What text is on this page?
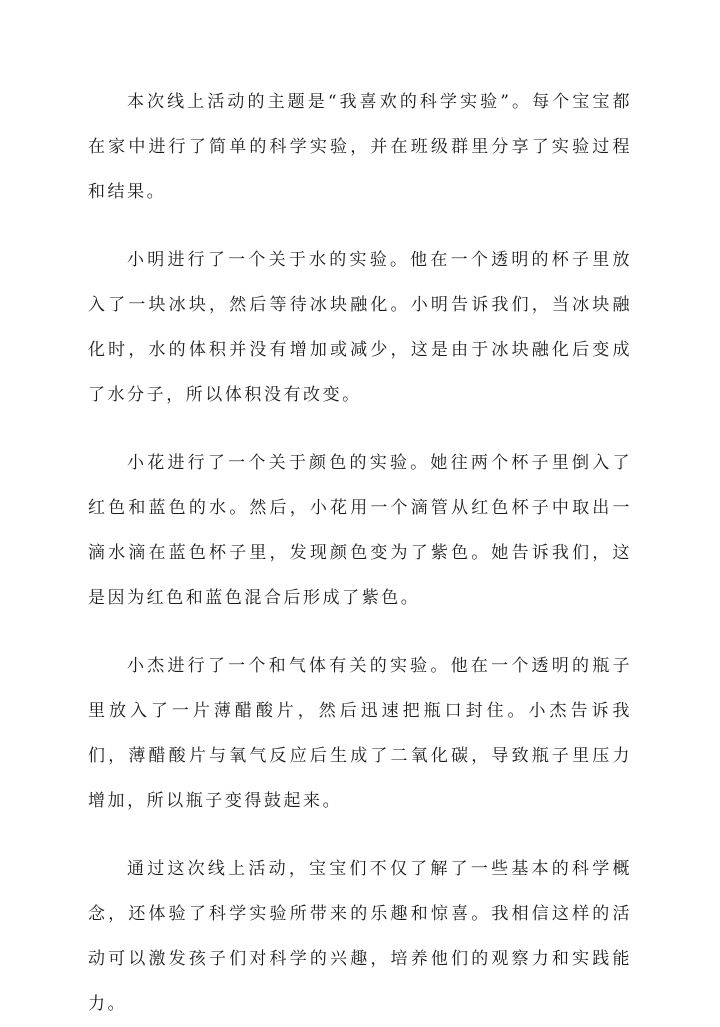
本次线上活动的主题是“我喜欢的科学实验”。每个宝宝都在家中进行了简单的科学实验，并在班级群里分享了实验过程和结果。

小明进行了一个关于水的实验。他在一个透明的杯子里放入了一块冰块，然后等待冰块融化。小明告诉我们，当冰块融化时，水的体积并没有增加或减少，这是由于冰块融化后变成了水分子，所以体积没有改变。

小花进行了一个关于颜色的实验。她往两个杯子里倒入了红色和蓝色的水。然后，小花用一个滴管从红色杯子中取出一滴水滴在蓝色杯子里，发现颜色变为了紫色。她告诉我们，这是因为红色和蓝色混合后形成了紫色。

小杰进行了一个和气体有关的实验。他在一个透明的瓶子里放入了一片薄醋酸片，然后迅速把瓶口封住。小杰告诉我们，薄醋酸片与氧气反应后生成了二氧化碳，导致瓶子里压力增加，所以瓶子变得鼓起来。

通过这次线上活动，宝宝们不仅了解了一些基本的科学概念，还体验了科学实验所带来的乐趣和惊喜。我相信这样的活动可以激发孩子们对科学的兴趣，培养他们的观察力和实践能力。
